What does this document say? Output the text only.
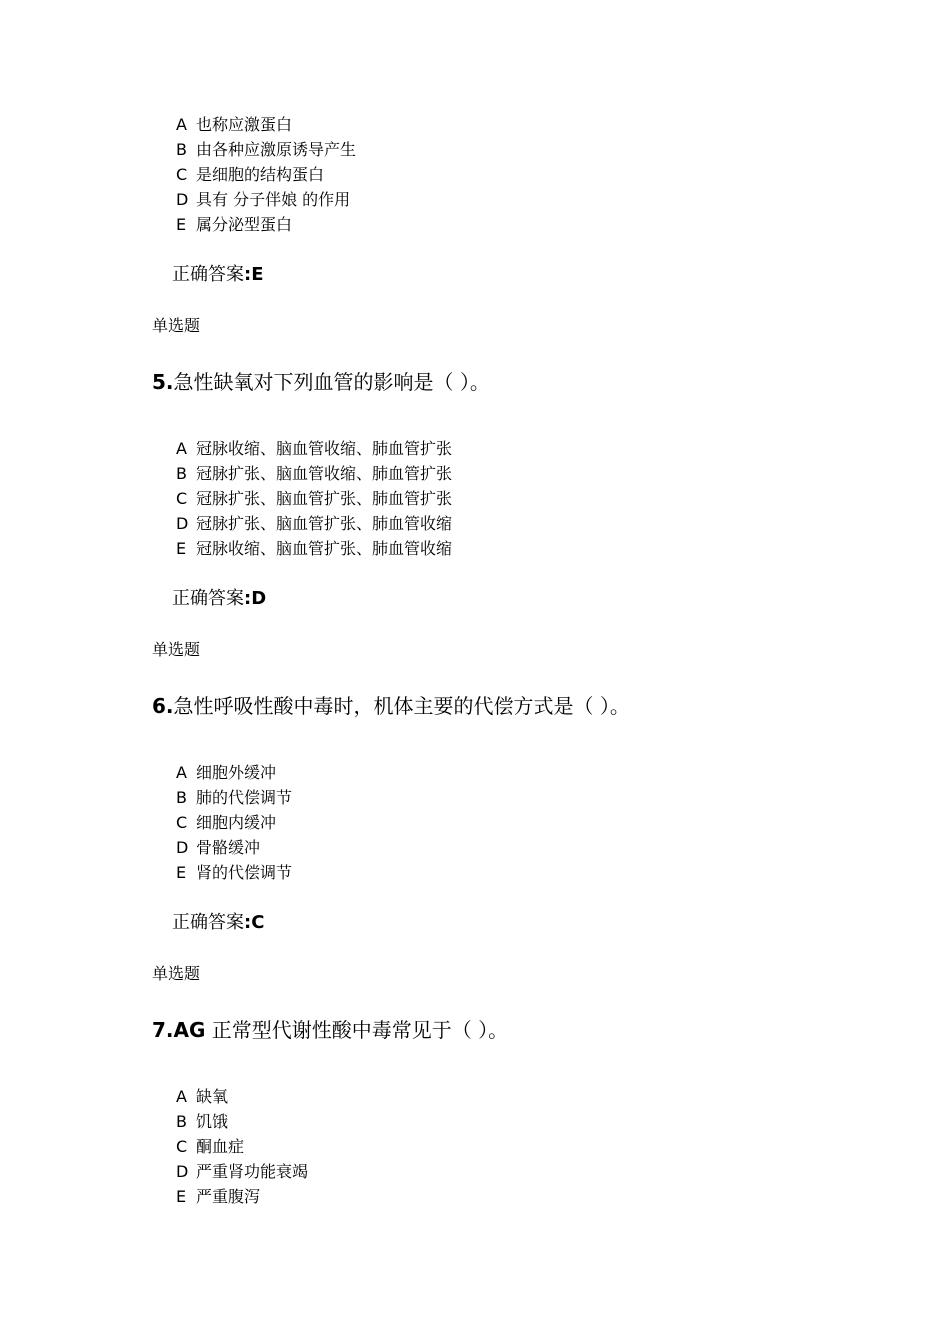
A 也称应激蛋白
B 由各种应激原诱导产生
C 是细胞的结构蛋白
D 具有 分子伴娘 的作用
E 属分泌型蛋白
正确答案:E
单选题
5.急性缺氧对下列血管的影响是（ ）。
A 冠脉收缩、脑血管收缩、肺血管扩张
B 冠脉扩张、脑血管收缩、肺血管扩张
C 冠脉扩张、脑血管扩张、肺血管扩张
D 冠脉扩张、脑血管扩张、肺血管收缩
E 冠脉收缩、脑血管扩张、肺血管收缩
正确答案:D
单选题
6.急性呼吸性酸中毒时，机体主要的代偿方式是（ ）。
A 细胞外缓冲
B 肺的代偿调节
C 细胞内缓冲
D 骨骼缓冲
E 肾的代偿调节
正确答案:C
单选题
7.AG 正常型代谢性酸中毒常见于（ ）。
A 缺氧
B 饥饿
C 酮血症
D 严重肾功能衰竭
E 严重腹泻
